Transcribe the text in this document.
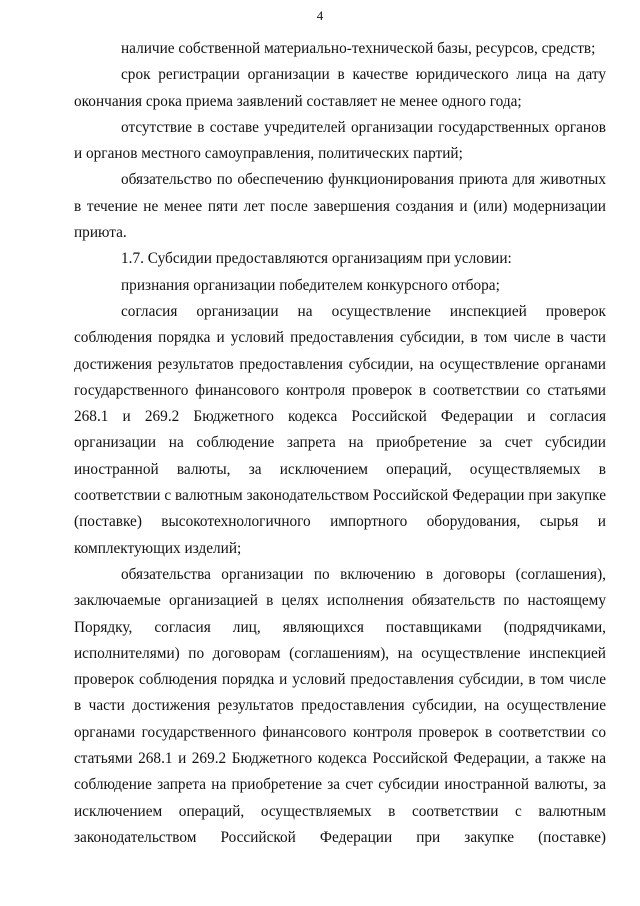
4

наличие собственной материально-технической базы, ресурсов, средств;

срок регистрации организации в качестве юридического лица на дату окончания срока приема заявлений составляет не менее одного года;

отсутствие в составе учредителей организации государственных органов и органов местного самоуправления, политических партий;

обязательство по обеспечению функционирования приюта для животных в течение не менее пяти лет после завершения создания и (или) модернизации приюта.

1.7. Субсидии предоставляются организациям при условии:

признания организации победителем конкурсного отбора;

согласия организации на осуществление инспекцией проверок соблюдения порядка и условий предоставления субсидии, в том числе в части достижения результатов предоставления субсидии, на осуществление органами государственного финансового контроля проверок в соответствии со статьями 268.1 и 269.2 Бюджетного кодекса Российской Федерации и согласия организации на соблюдение запрета на приобретение за счет субсидии иностранной валюты, за исключением операций, осуществляемых в соответствии с валютным законодательством Российской Федерации при закупке (поставке) высокотехнологичного импортного оборудования, сырья и комплектующих изделий;

обязательства организации по включению в договоры (соглашения), заключаемые организацией в целях исполнения обязательств по настоящему Порядку, согласия лиц, являющихся поставщиками (подрядчиками, исполнителями) по договорам (соглашениям), на осуществление инспекцией проверок соблюдения порядка и условий предоставления субсидии, в том числе в части достижения результатов предоставления субсидии, на осуществление органами государственного финансового контроля проверок в соответствии со статьями 268.1 и 269.2 Бюджетного кодекса Российской Федерации, а также на соблюдение запрета на приобретение за счет субсидии иностранной валюты, за исключением операций, осуществляемых в соответствии с валютным законодательством Российской Федерации при закупке (поставке)
